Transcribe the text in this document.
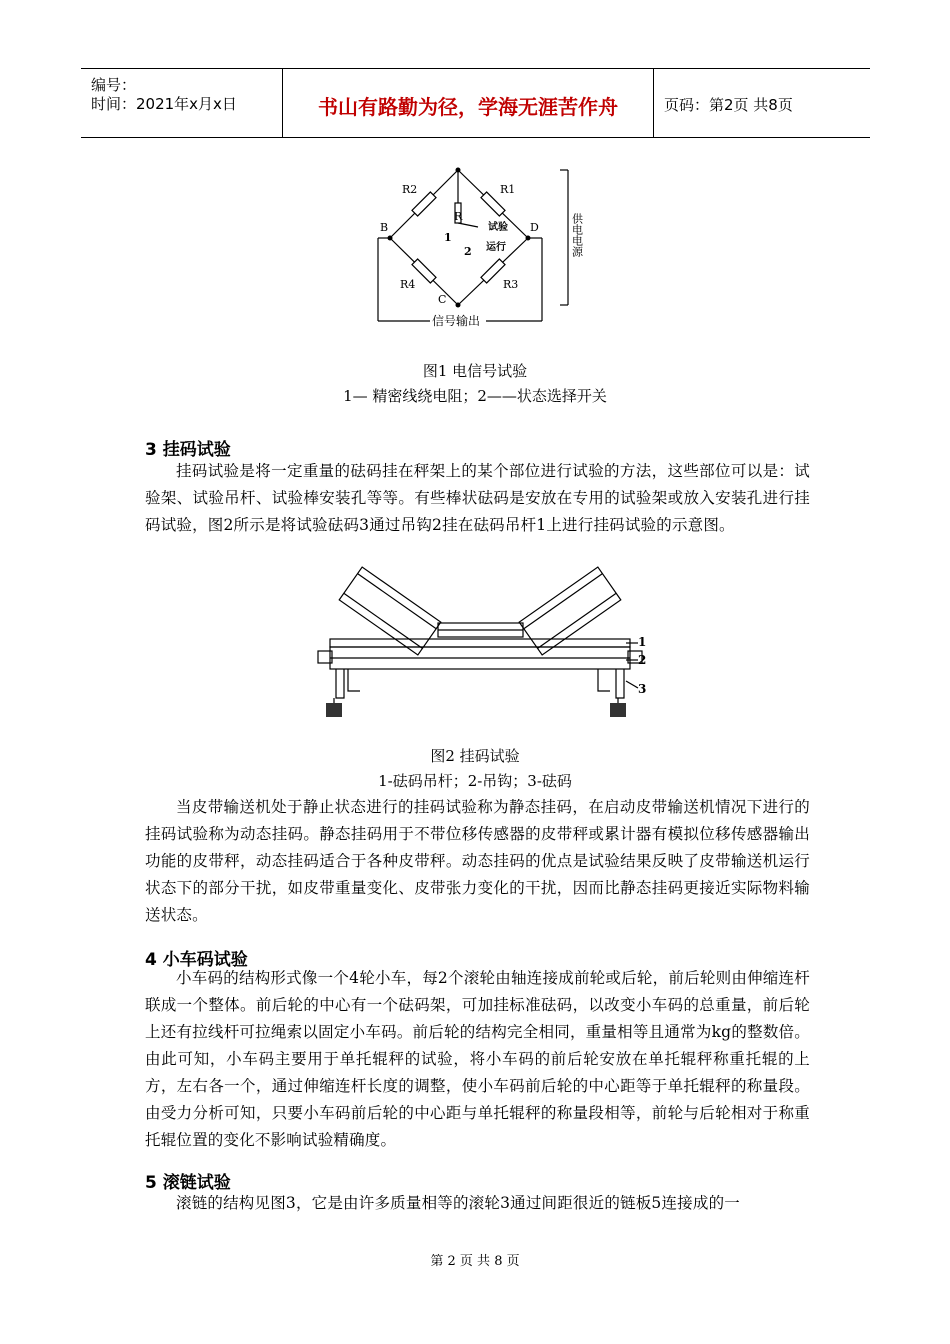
编号：
时间：2021年x月x日	书山有路勤为径，学海无涯苦作舟	页码：第2页 共8页
R2	R1
R4	R3
R
B	D
C
1
2
试验
运行
信号输出
供电电源
图1 电信号试验
1— 精密线绕电阻；2——状态选择开关
3 挂码试验
挂码试验是将一定重量的砝码挂在秤架上的某个部位进行试验的方法，这些部位可以是：试验架、试验吊杆、试验棒安装孔等等。有些棒状砝码是安放在专用的试验架或放入安装孔进行挂码试验，图2所示是将试验砝码3通过吊钩2挂在砝码吊杆1上进行挂码试验的示意图。
1
2
3
图2 挂码试验
1-砝码吊杆；2-吊钩；3-砝码
当皮带输送机处于静止状态进行的挂码试验称为静态挂码，在启动皮带输送机情况下进行的挂码试验称为动态挂码。静态挂码用于不带位移传感器的皮带秤或累计器有模拟位移传感器输出功能的皮带秤，动态挂码适合于各种皮带秤。动态挂码的优点是试验结果反映了皮带输送机运行状态下的部分干扰，如皮带重量变化、皮带张力变化的干扰，因而比静态挂码更接近实际物料输送状态。
4 小车码试验
小车码的结构形式像一个4轮小车，每2个滚轮由轴连接成前轮或后轮，前后轮则由伸缩连杆联成一个整体。前后轮的中心有一个砝码架，可加挂标准砝码，以改变小车码的总重量，前后轮上还有拉线杆可拉绳索以固定小车码。前后轮的结构完全相同，重量相等且通常为kg的整数倍。由此可知，小车码主要用于单托辊秤的试验，将小车码的前后轮安放在单托辊秤称重托辊的上方，左右各一个，通过伸缩连杆长度的调整，使小车码前后轮的中心距等于单托辊秤的称量段。由受力分析可知，只要小车码前后轮的中心距与单托辊秤的称量段相等，前轮与后轮相对于称重托辊位置的变化不影响试验精确度。
5 滚链试验
滚链的结构见图3，它是由许多质量相等的滚轮3通过间距很近的链板5连接成的一
第 2 页 共 8 页
